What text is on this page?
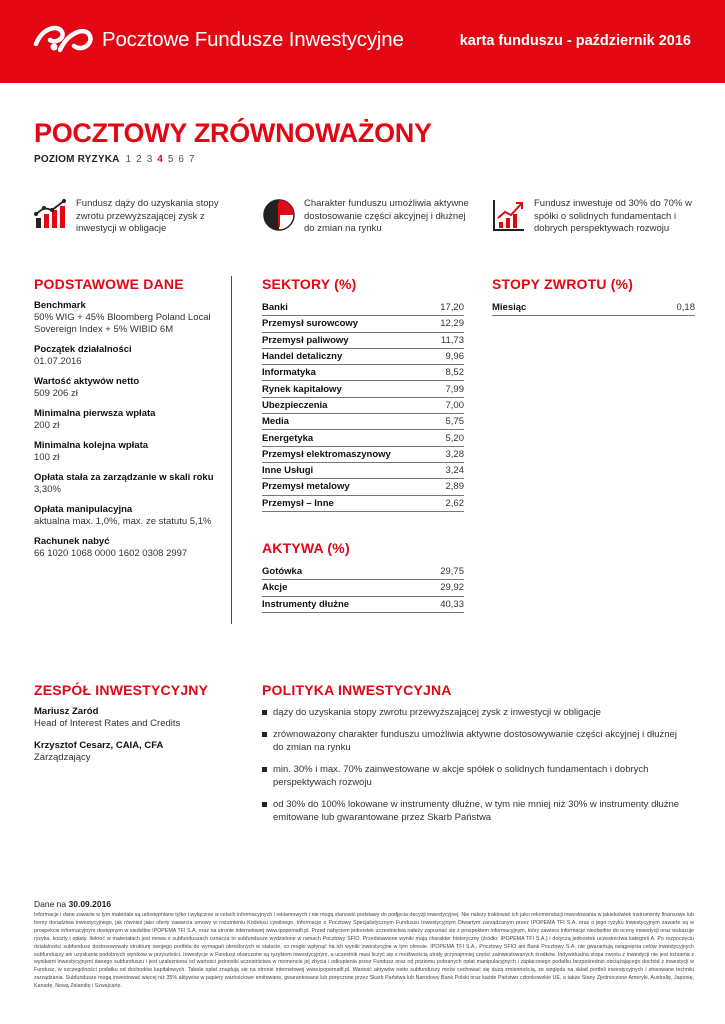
Pocztowe Fundusze Inwestycyjne	karta funduszu - październik 2016
POCZTOWY ZRÓWNOWAŻONY
POZIOM RYZYKA 1 2 3 4 5 6 7
Fundusz dąży do uzyskania stopy zwrotu przewyższającej zysk z inwestycji w obligacje
Charakter funduszu umożliwia aktywne dostosowanie części akcyjnej i dłużnej do zmian na rynku
Fundusz inwestuje od 30% do 70% w spółki o solidnych fundamentach i dobrych perspektywach rozwoju
PODSTAWOWE DANE	SEKTORY (%)	STOPY ZWROTU (%)
Benchmark
50% WIG + 45% Bloomberg Poland Local Sovereign Index + 5% WIBID 6M
Początek działalności
01.07.2016
Wartość aktywów netto
509 206 zł
Minimalna pierwsza wpłata
200 zł
Minimalna kolejna wpłata
100 zł
Opłata stała za zarządzanie w skali roku
3,30%
Opłata manipulacyjna
aktualna max. 1,0%, max. ze statutu 5,1%
Rachunek nabyć
66 1020 1068 0000 1602 0308 2997
Banki	17,20
Przemysł surowcowy	12,29
Przemysł paliwowy	11,73
Handel detaliczny	9,96
Informatyka	8,52
Rynek kapitałowy	7,99
Ubezpieczenia	7,00
Media	5,75
Energetyka	5,20
Przemysł elektromaszynowy	3,28
Inne Usługi	3,24
Przemysł metalowy	2,89
Przemysł – Inne	2,62
Miesiąc	0,18
AKTYWA (%)
Gotówka	29,75
Akcje	29,92
Instrumenty dłużne	40,33
ZESPÓŁ INWESTYCYJNY	POLITYKA INWESTYCYJNA
Mariusz Zaród
Head of Interest Rates and Credits
Krzysztof Cesarz, CAIA, CFA
Zarządzający
dąży do uzyskania stopy zwrotu przewyższającej zysk z inwestycji w obligacje
zrównoważony charakter funduszu umożliwia aktywne dostosowywanie części akcyjnej i dłużnej do zmian na rynku
min. 30% i max. 70% zainwestowane w akcje spółek o solidnych fundamentach i dobrych perspektywach rozwoju
od 30% do 100% lokowane w instrumenty dłużne, w tym nie mniej niż 30% w instrumenty dłużne emitowane lub gwarantowane przez Skarb Państwa
Dane na 30.09.2016
Informacje i dane zawarte w tym materiale są udostępniane tylko i wyłącznie w celach informacyjnych i reklamowych i nie mogą stanowić podstawy do podjęcia decyzji inwestycyjnej. Nie należy traktować ich jako rekomendacji inwestowania w jakiekolwiek instrumenty finansowe lub formy doradztwa inwestycyjnego, jak również jako oferty zawarcia umowy w rozumieniu Kodeksu cywilnego. Informacje o Pocztowy Specjalistycznym Funduszu Inwestycyjnym Otwartym zarządzanym przez IPOPEMA TFI S.A. oraz o jego ryzyku inwestycyjnym zawarte są w prospekcie informacyjnym dostępnym w siedzibie IPOPEMA TFI S.A. oraz na stronie internetowej www.ipopematfi.pl. Przed nabyciem jednostek uczestnictwa należy zapoznać się z prospektem informacyjnym, który zawiera informacje niezbędne do oceny inwestycji oraz wskazuje ryzyka, koszty i opłaty. Ilekroć w materiałach jest mowa o subfunduszach oznacza to subfundusze wydzielone w ramach Pocztowy SFIO. Przedstawione wyniki mają charakter historyczny (źródło: IPOPEMA TFI S.A.) i dotyczą jednostek uczestnictwa kategorii A. Po rozpoczęciu działalności subfundusz dostosowywały strukturę swojego portfela do wymagań określonych w statucie, co mogło wpłynąć na ich wyniki inwestycyjne w tym okresie. IPOPEMA TFI S.A., Pocztowy SFIO ani Bank Pocztowy S.A. nie gwarantują osiągnięcia celów inwestycyjnych subfunduszy ani uzyskania podobnych wyników w przyszłości. Inwestycje w Fundusz obarczone są ryzykiem inwestycyjnym, a uczestnik musi liczyć się z możliwością utraty przynajmniej części zainwestowanych środków. Indywidualna stopa zwrotu z inwestycji nie jest tożsama z wynikami inwestycyjnymi danego subfunduszu i jest uzależniona od wartości jednostki uczestnictwa w momencie jej zbycia i odkupienia przez Fundusz oraz od poziomu pobranych opłat manipulacyjnych i zapłaconego podatku bezpośrednio obciążającego dochód z inwestycji w Fundusz, w szczególności podatku od dochodów kapitałowych. Tabele opłat znajdują się na stronie internetowej www.ipopematfi.pl. Wartość aktywów netto subfunduszy może cechować się dużą zmiennością, ze względu na skład portfeli inwestycyjnych i stosowane techniki zarządzania. Subfundusze mogą inwestować więcej niż 35% aktywów w papiery wartościowe emitowane, gwarantowane lub poręczone przez Skarb Państwa lub Narodowy Bank Polski oraz każde Państwo członkowskie UE, a także Stany Zjednoczone Ameryki, Australię, Japonię, Kanadę, Nową Zelandię i Szwajcarię.
